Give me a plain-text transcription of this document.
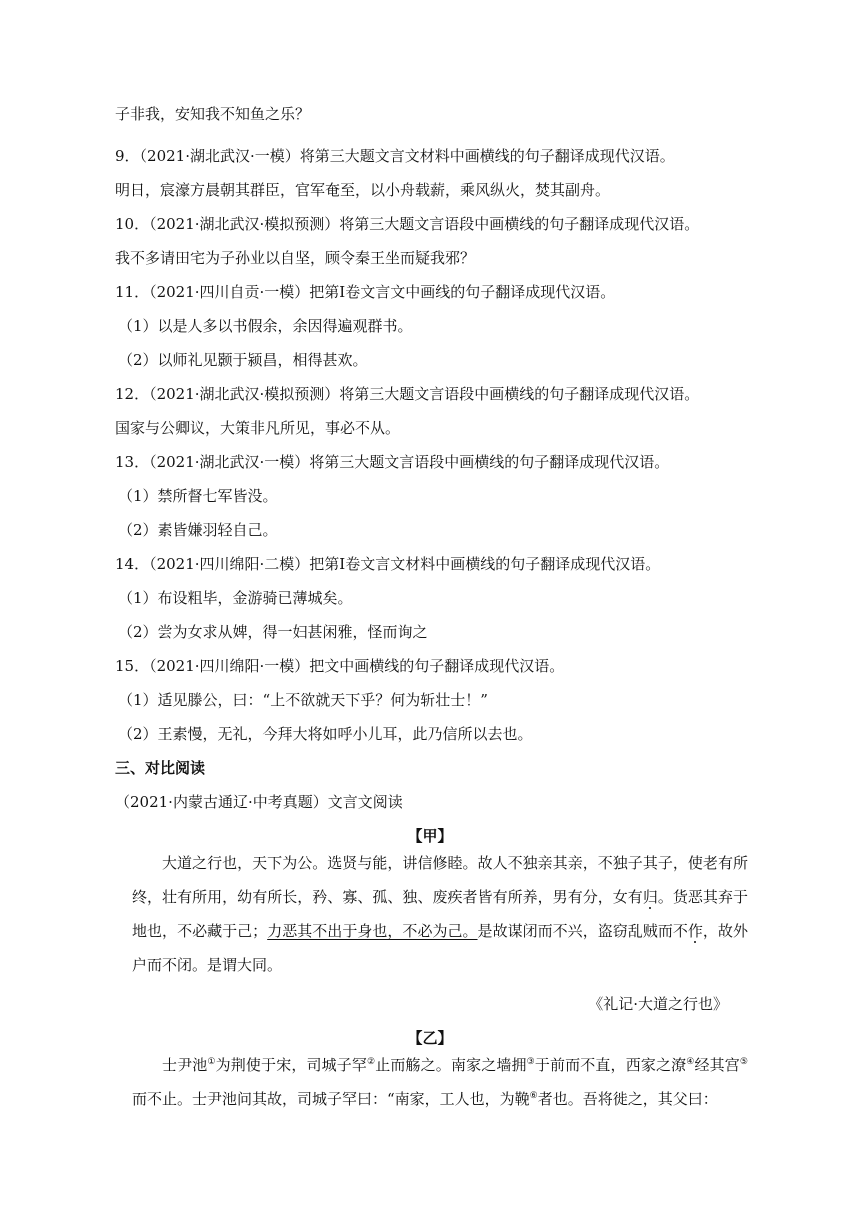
子非我，安知我不知鱼之乐？
9．（2021·湖北武汉·一模）将第三大题文言文材料中画横线的句子翻译成现代汉语。
明日，宸濠方晨朝其群臣，官军奄至，以小舟载薪，乘风纵火，焚其副舟。
10．（2021·湖北武汉·模拟预测）将第三大题文言语段中画横线的句子翻译成现代汉语。
我不多请田宅为子孙业以自坚，顾令秦王坐而疑我邪？
11．（2021·四川自贡·一模）把第Ⅰ卷文言文中画线的句子翻译成现代汉语。
（1）以是人多以书假余，余因得遍观群书。
（2）以师礼见颢于颍昌，相得甚欢。
12．（2021·湖北武汉·模拟预测）将第三大题文言语段中画横线的句子翻译成现代汉语。
国家与公卿议，大策非凡所见，事必不从。
13．（2021·湖北武汉·一模）将第三大题文言语段中画横线的句子翻译成现代汉语。
（1）禁所督七军皆没。
（2）素皆嫌羽轻自己。
14．（2021·四川绵阳·二模）把第Ⅰ卷文言文材料中画横线的句子翻译成现代汉语。
（1）布设粗毕，金游骑已薄城矣。
（2）尝为女求从婢，得一妇甚闲雅，怪而询之
15．（2021·四川绵阳·一模）把文中画横线的句子翻译成现代汉语。
（1）适见滕公，曰：“上不欲就天下乎？何为斩壮士！”
（2）王素慢，无礼，今拜大将如呼小儿耳，此乃信所以去也。
三、对比阅读
（2021·内蒙古通辽·中考真题）文言文阅读
【甲】
大道之行也，天下为公。选贤与能，讲信修睦。故人不独亲其亲，不独子其子，使老有所终，壮有所用，幼有所长，矜、寡、孤、独、废疾者皆有所养，男有分，女有归。货恶其弃于地也，不必藏于己；力恶其不出于身也，不必为己。是故谋闭而不兴，盗窃乱贼而不作，故外户而不闭。是谓大同。
《礼记·大道之行也》
【乙】
士尹池①为荆使于宋，司城子罕②止而觞之。南家之墙拥③于前而不直，西家之潦④经其宫⑤而不止。士尹池问其故，司城子罕曰：“南家，工人也，为鞔⑥者也。吾将徙之，其父曰：
